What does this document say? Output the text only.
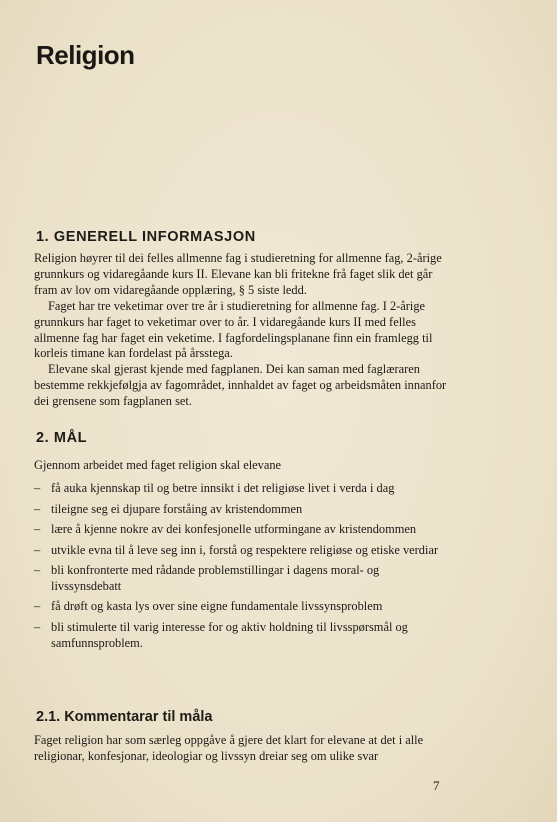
Religion
1. GENERELL INFORMASJON

Religion høyrer til dei felles allmenne fag i studieretning for allmenne fag, 2-årige grunnkurs og vidaregåande kurs II. Elevane kan bli fritekne frå faget slik det går fram av lov om vidaregåande opplæring, § 5 siste ledd.

Faget har tre veketimar over tre år i studieretning for allmenne fag. I 2-årige grunnkurs har faget to veketimar over to år. I vidaregåande kurs II med felles allmenne fag har faget ein veketime. I fagfordelingsplanane finn ein framlegg til korleis timane kan fordelast på årsstega.

Elevane skal gjerast kjende med fagplanen. Dei kan saman med faglæraren bestemme rekkjefølgja av fagområdet, innhaldet av faget og arbeidsmåten innanfor dei grensene som fagplanen set.

2. MÅL
Gjennom arbeidet med faget religion skal elevane
– få auka kjennskap til og betre innsikt i det religiøse livet i verda i dag
– tileigne seg ei djupare forståing av kristendommen
– lære å kjenne nokre av dei konfesjonelle utformingane av kristendommen
– utvikle evna til å leve seg inn i, forstå og respektere religiøse og etiske verdiar
– bli konfronterte med rådande problemstillingar i dagens moral- og livssynsdebatt
– få drøft og kasta lys over sine eigne fundamentale livssynsproblem
– bli stimulerte til varig interesse for og aktiv holdning til livsspørsmål og samfunnsproblem.
2.1. Kommentarar til måla
Faget religion har som særleg oppgåve å gjere det klart for elevane at det i alle religionar, konfesjonar, ideologiar og livssyn dreiar seg om ulike svar
7
